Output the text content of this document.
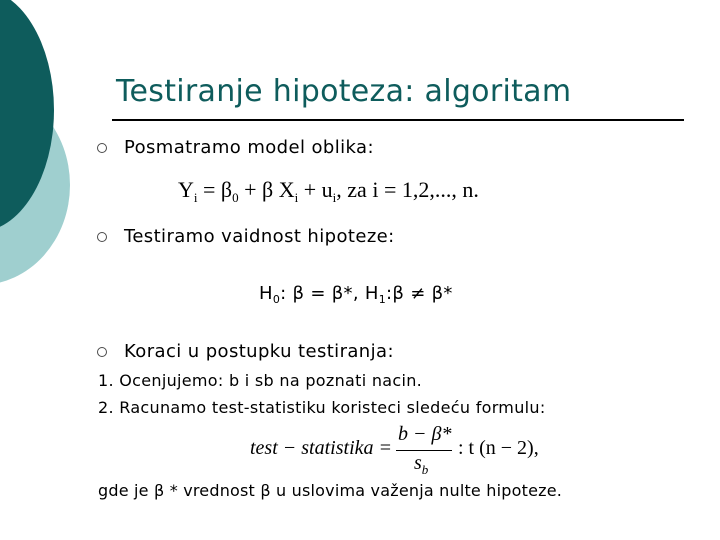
Testiranje hipoteza: algoritam
Posmatramo model oblika:
$Y_i = \beta_0 + \beta$ $X_i + u_i$, za i = 1,2,..., n.
Testiramo vaidnost hipoteze:
$H_0$: β = β*, $H_1:\beta \ne \beta*$
Koraci u postupku testiranja:
1. Ocenjujemo: b i sb na poznati nacin.
2. Racunamo test-statistiku koristeci sledeću formulu:
test − statistika =
b − β*
$s_b$
: t (n − 2),
gde je β * vrednost β u uslovima važenja nulte hipoteze.
